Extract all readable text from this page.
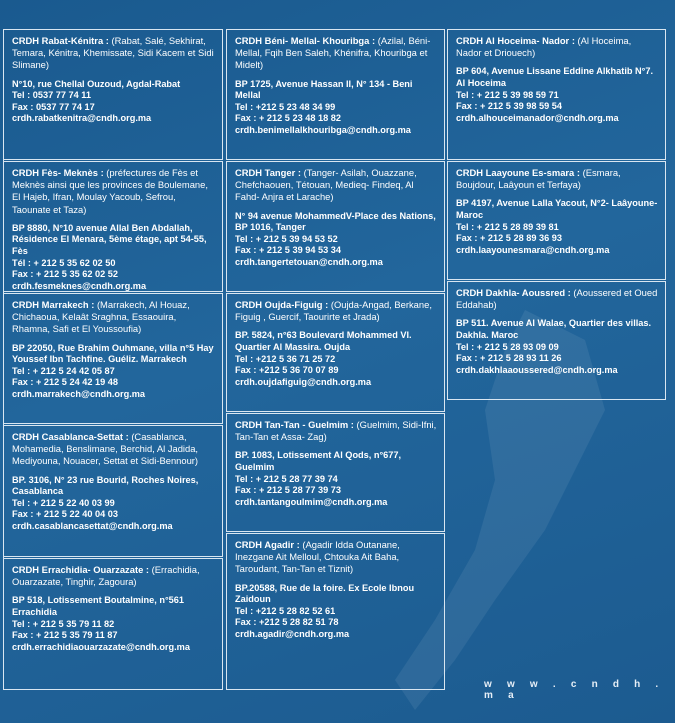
CRDH Rabat-Kénitra : (Rabat, Salé, Sekhirat, Temara, Kénitra, Khemissate, Sidi Kacem et Sidi Slimane)
N°10, rue Chellal Ouzoud, Agdal-Rabat
Tel : 0537 77 74 11
Fax : 0537 77 74 17
crdh.rabatkenitra@cndh.org.ma
CRDH Fès- Meknès : (préfectures de Fès et Meknès ainsi que les provinces de Boulemane, El Hajeb, Ifran, Moulay Yacoub, Sefrou, Taounate et Taza)
BP 8880, N°10 avenue Allal Ben Abdallah, Résidence El Menara, 5ème étage, apt 54-55, Fès
Tél : + 212 5 35 62 02 50
Fax : + 212 5 35 62 02 52
crdh.fesmeknes@cndh.org.ma
CRDH Marrakech : (Marrakech, Al Houaz, Chichaoua, Kelaât Sraghna, Essaouira, Rhamna, Safi et El Youssoufia)
BP 22050, Rue Brahim Ouhmane, villa n°5 Hay Youssef Ibn Tachfine. Guéliz. Marrakech
Tel : + 212 5 24 42 05 87
Fax : + 212 5 24 42 19 48
crdh.marrakech@cndh.org.ma
CRDH Casablanca-Settat : (Casablanca, Mohamedia, Benslimane, Berchid, Al Jadida, Mediyouna, Nouacer, Settat et Sidi-Bennour)
BP. 3106, N° 23 rue Bourid, Roches Noires, Casablanca
Tel : + 212 5 22 40 03 99
Fax : + 212 5 22 40 04 03
crdh.casablancasettat@cndh.org.ma
CRDH Errachidia- Ouarzazate : (Errachidia, Ouarzazate, Tinghir, Zagoura)
BP 518, Lotissement Boutalmine, n°561 Errachidia
Tel : + 212 5 35 79 11 82
Fax : + 212 5 35 79 11 87
crdh.errachidiaouarzazate@cndh.org.ma
CRDH Béni- Mellal- Khouribga : (Azilal, Béni-Mellal, Fqih Ben Saleh, Khénifra, Khouribga et Midelt)
BP 1725, Avenue Hassan II, N° 134 - Beni Mellal
Tel : +212 5 23 48 34 99
Fax : + 212 5 23 48 18 82
crdh.benimellalkhouribga@cndh.org.ma
CRDH Tanger : (Tanger- Asilah, Ouazzane, Chefchaouen, Tétouan, Medieq- Findeq, Al Fahd- Anjra et Larache)
N° 94 avenue MohammedV-Place des Nations, BP 1016, Tanger
Tel : + 212 5 39 94 53 52
Fax : + 212 5 39 94 53 34
crdh.tangertetouan@cndh.org.ma
CRDH Oujda-Figuig : (Oujda-Angad, Berkane, Figuig , Guercif, Taourirte et Jrada)
BP. 5824, n°63 Boulevard Mohammed VI. Quartier Al Massira. Oujda
Tel : +212 5 36 71 25 72
Fax : +212 5 36 70 07 89
crdh.oujdafiguig@cndh.org.ma
CRDH Tan-Tan - Guelmim : (Guelmim, Sidi-Ifni, Tan-Tan et Assa- Zag)
BP. 1083, Lotissement Al Qods, n°677, Guelmim
Tel : + 212 5 28 77 39 74
Fax : + 212 5 28 77 39 73
crdh.tantangoulmim@cndh.org.ma
CRDH Agadir : (Agadir Idda Outanane, Inezgane Ait Melloul, Chtouka Ait Baha, Taroudant, Tan-Tan et Tiznit)
BP.20588, Rue de la foire. Ex Ecole Ibnou Zaidoun
Tel : +212 5 28 82 52 61
Fax : +212 5 28 82 51 78
crdh.agadir@cndh.org.ma
CRDH Al Hoceima- Nador : (Al Hoceima, Nador et Driouech)
BP 604, Avenue Lissane Eddine Alkhatib N°7. Al Hoceima
Tel : + 212 5 39 98 59 71
Fax : + 212 5 39 98 59 54
crdh.alhouceimanador@cndh.org.ma
CRDH Laayoune Es-smara : (Esmara, Boujdour, Laâyoun et Terfaya)
BP 4197, Avenue Lalla Yacout, N°2- Laâyoune-Maroc
Tel : + 212 5 28 89 39 81
Fax : + 212 5 28 89 36 93
crdh.laayounesmara@cndh.org.ma
CRDH Dakhla- Aoussred : (Aoussered et Oued Eddahab)
BP 511. Avenue Al Walae, Quartier des villas. Dakhla. Maroc
Tel : + 212 5 28 93 09 09
Fax : + 212 5 28 93 11 26
crdh.dakhlaaoussered@cndh.org.ma
w w w . c n d h . m a
